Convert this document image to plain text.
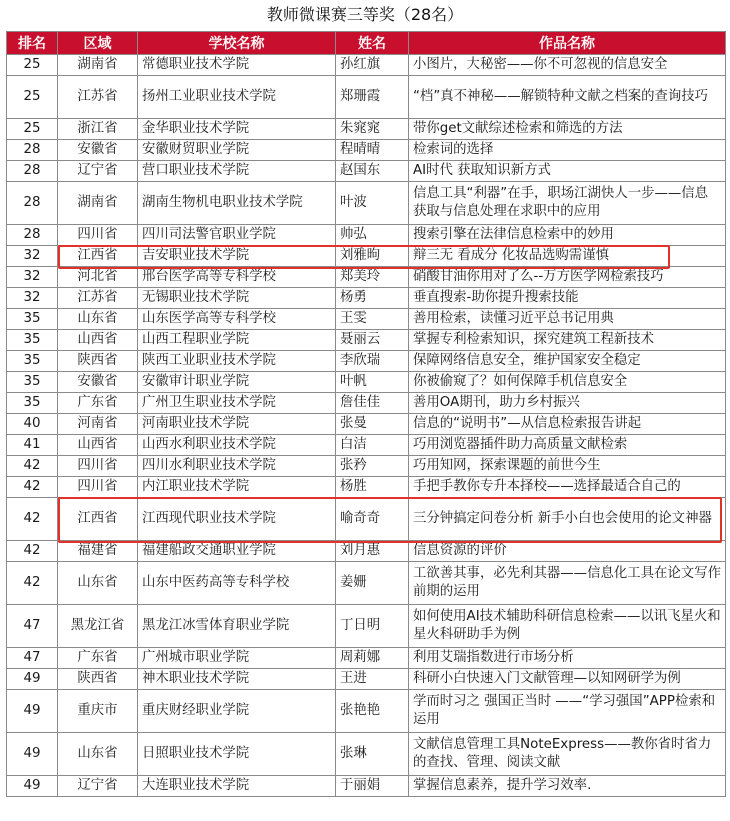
教师微课赛三等奖（28名）
排名	区域	学校名称	姓名	作品名称
25	湖南省	常德职业技术学院	孙红旗	小图片，大秘密——你不可忽视的信息安全
25	江苏省	扬州工业职业技术学院	郑珊霞	“档”真不神秘——解锁特种文献之档案的查询技巧
25	浙江省	金华职业技术学院	朱窕窕	带你get文献综述检索和筛选的方法
28	安徽省	安徽财贸职业学院	程晴晴	检索词的选择
28	辽宁省	营口职业技术学院	赵国东	AI时代 获取知识新方式
28	湖南省	湖南生物机电职业技术学院	叶波	信息工具“利器”在手，职场江湖快人一步——信息获取与信息处理在求职中的应用
28	四川省	四川司法警官职业学院	帅弘	搜索引擎在法律信息检索中的妙用
32	江西省	吉安职业技术学院	刘雅昫	辩三无 看成分 化妆品选购需谨慎
32	河北省	邢台医学高等专科学校	郑美玲	硝酸甘油你用对了么--万方医学网检索技巧
32	江苏省	无锡职业技术学院	杨勇	垂直搜索-助你提升搜索技能
35	山东省	山东医学高等专科学校	王雯	善用检索，读懂习近平总书记用典
35	山西省	山西工程职业学院	聂丽云	掌握专利检索知识，探究建筑工程新技术
35	陕西省	陕西工业职业技术学院	李欣瑞	保障网络信息安全，维护国家安全稳定
35	安徽省	安徽审计职业学院	叶帆	你被偷窥了？如何保障手机信息安全
35	广东省	广州卫生职业技术学院	詹佳佳	善用OA期刊，助力乡村振兴
40	河南省	河南职业技术学院	张曼	信息的“说明书”—从信息检索报告讲起
41	山西省	山西水利职业技术学院	白洁	巧用浏览器插件助力高质量文献检索
42	四川省	四川水利职业技术学院	张矜	巧用知网，探索课题的前世今生
42	四川省	内江职业技术学院	杨胜	手把手教你专升本择校——选择最适合自己的
42	江西省	江西现代职业技术学院	喻奇奇	三分钟搞定问卷分析 新手小白也会使用的论文神器
42	福建省	福建船政交通职业学院	刘月惠	信息资源的评价
42	山东省	山东中医药高等专科学校	姜姗	工欲善其事，必先利其器——信息化工具在论文写作前期的运用
47	黑龙江省	黑龙江冰雪体育职业学院	丁日明	如何使用AI技术辅助科研信息检索——以讯飞星火和星火科研助手为例
47	广东省	广州城市职业学院	周莉娜	利用艾瑞指数进行市场分析
49	陕西省	神木职业技术学院	王进	科研小白快速入门文献管理—以知网研学为例
49	重庆市	重庆财经职业学院	张艳艳	学而时习之 强国正当时 ——“学习强国”APP检索和运用
49	山东省	日照职业技术学院	张琳	文献信息管理工具NoteExpress——教你省时省力的查找、管理、阅读文献
49	辽宁省	大连职业技术学院	于丽娟	掌握信息素养，提升学习效率.
